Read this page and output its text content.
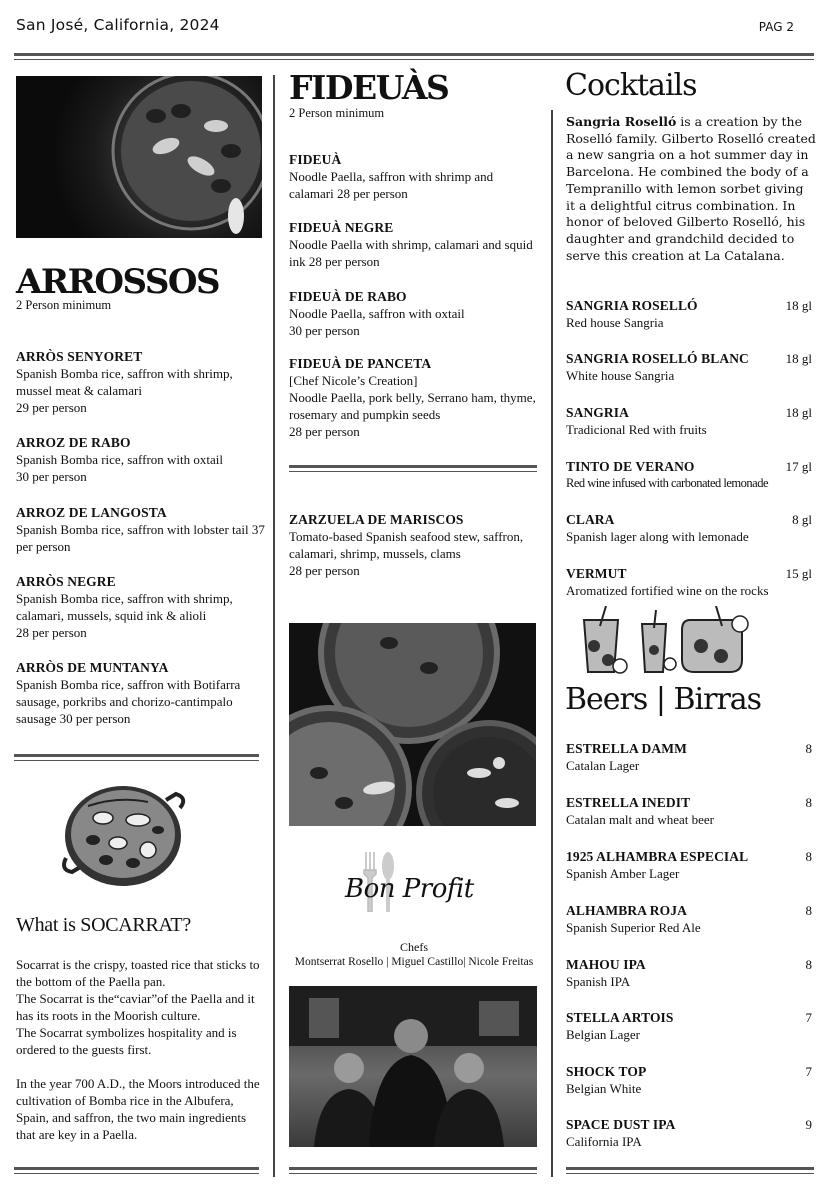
San José, California, 2024	PAG 2
ARROSSOS
2 Person minimum
ARRÒS SENYORET
Spanish Bomba rice, saffron with shrimp, mussel meat & calamari
29 per person
ARROZ DE RABO
Spanish Bomba rice, saffron with oxtail
30 per person
ARROZ DE LANGOSTA
Spanish Bomba rice, saffron with lobster tail 37 per person
ARRÒS NEGRE
Spanish Bomba rice, saffron with shrimp, calamari, mussels, squid ink & alioli
28 per person
ARRÒS DE MUNTANYA
Spanish Bomba rice, saffron with Botifarra sausage, porkribs and chorizo-cantimpalo sausage 30 per person
What is SOCARRAT?

Socarrat is the crispy, toasted rice that sticks to the bottom of the Paella pan.

The Socarrat is the“caviar”of the Paella and it has its roots in the Moorish culture.

The Socarrat symbolizes hospitality and is ordered to the guests first.

In the year 700 A.D., the Moors introduced the cultivation of Bomba rice in the Albufera, Spain, and saffron, the two main ingredients that are key in a Paella.

FIDEUÀS
2 Person minimum
FIDEUÀ
Noodle Paella, saffron with shrimp and calamari 28 per person
FIDEUÀ NEGRE
Noodle Paella with shrimp, calamari and squid ink 28 per person
FIDEUÀ DE RABO
Noodle Paella, saffron with oxtail
30 per person
FIDEUÀ DE PANCETA
[Chef Nicole’s Creation]
Noodle Paella, pork belly, Serrano ham, thyme, rosemary and pumpkin seeds
28 per person
ZARZUELA DE MARISCOS
Tomato-based Spanish seafood stew, saffron, calamari, shrimp, mussels, clams
28 per person
Bon Profit
Chefs
Montserrat Rosello | Miguel Castillo| Nicole Freitas
Cocktails
Sangria Roselló is a creation by the Roselló family. Gilberto Roselló created a new sangria on a hot summer day in Barcelona. He combined the body of a Tempranillo with lemon sorbet giving it a delightful citrus combination. In honor of beloved Gilberto Roselló, his daughter and grandchild decided to serve this creation at La Catalana.
SANGRIA ROSELLÓ	18 gl
Red house Sangria
SANGRIA ROSELLÓ BLANC	18 gl
White house Sangria
SANGRIA	18 gl
Tradicional Red with fruits
TINTO DE VERANO	17 gl
Red wine infused with carbonated lemonade
CLARA	8 gl
Spanish lager along with lemonade
VERMUT	15 gl
Aromatized fortified wine on the rocks
Beers | Birras
ESTRELLA DAMM	8
Catalan Lager
ESTRELLA INEDIT	8
Catalan malt and wheat beer
1925 ALHAMBRA ESPECIAL	8
Spanish Amber Lager
ALHAMBRA ROJA	8
Spanish Superior Red Ale
MAHOU IPA	8
Spanish IPA
STELLA ARTOIS	7
Belgian Lager
SHOCK TOP	7
Belgian White
SPACE DUST IPA	9
California IPA
